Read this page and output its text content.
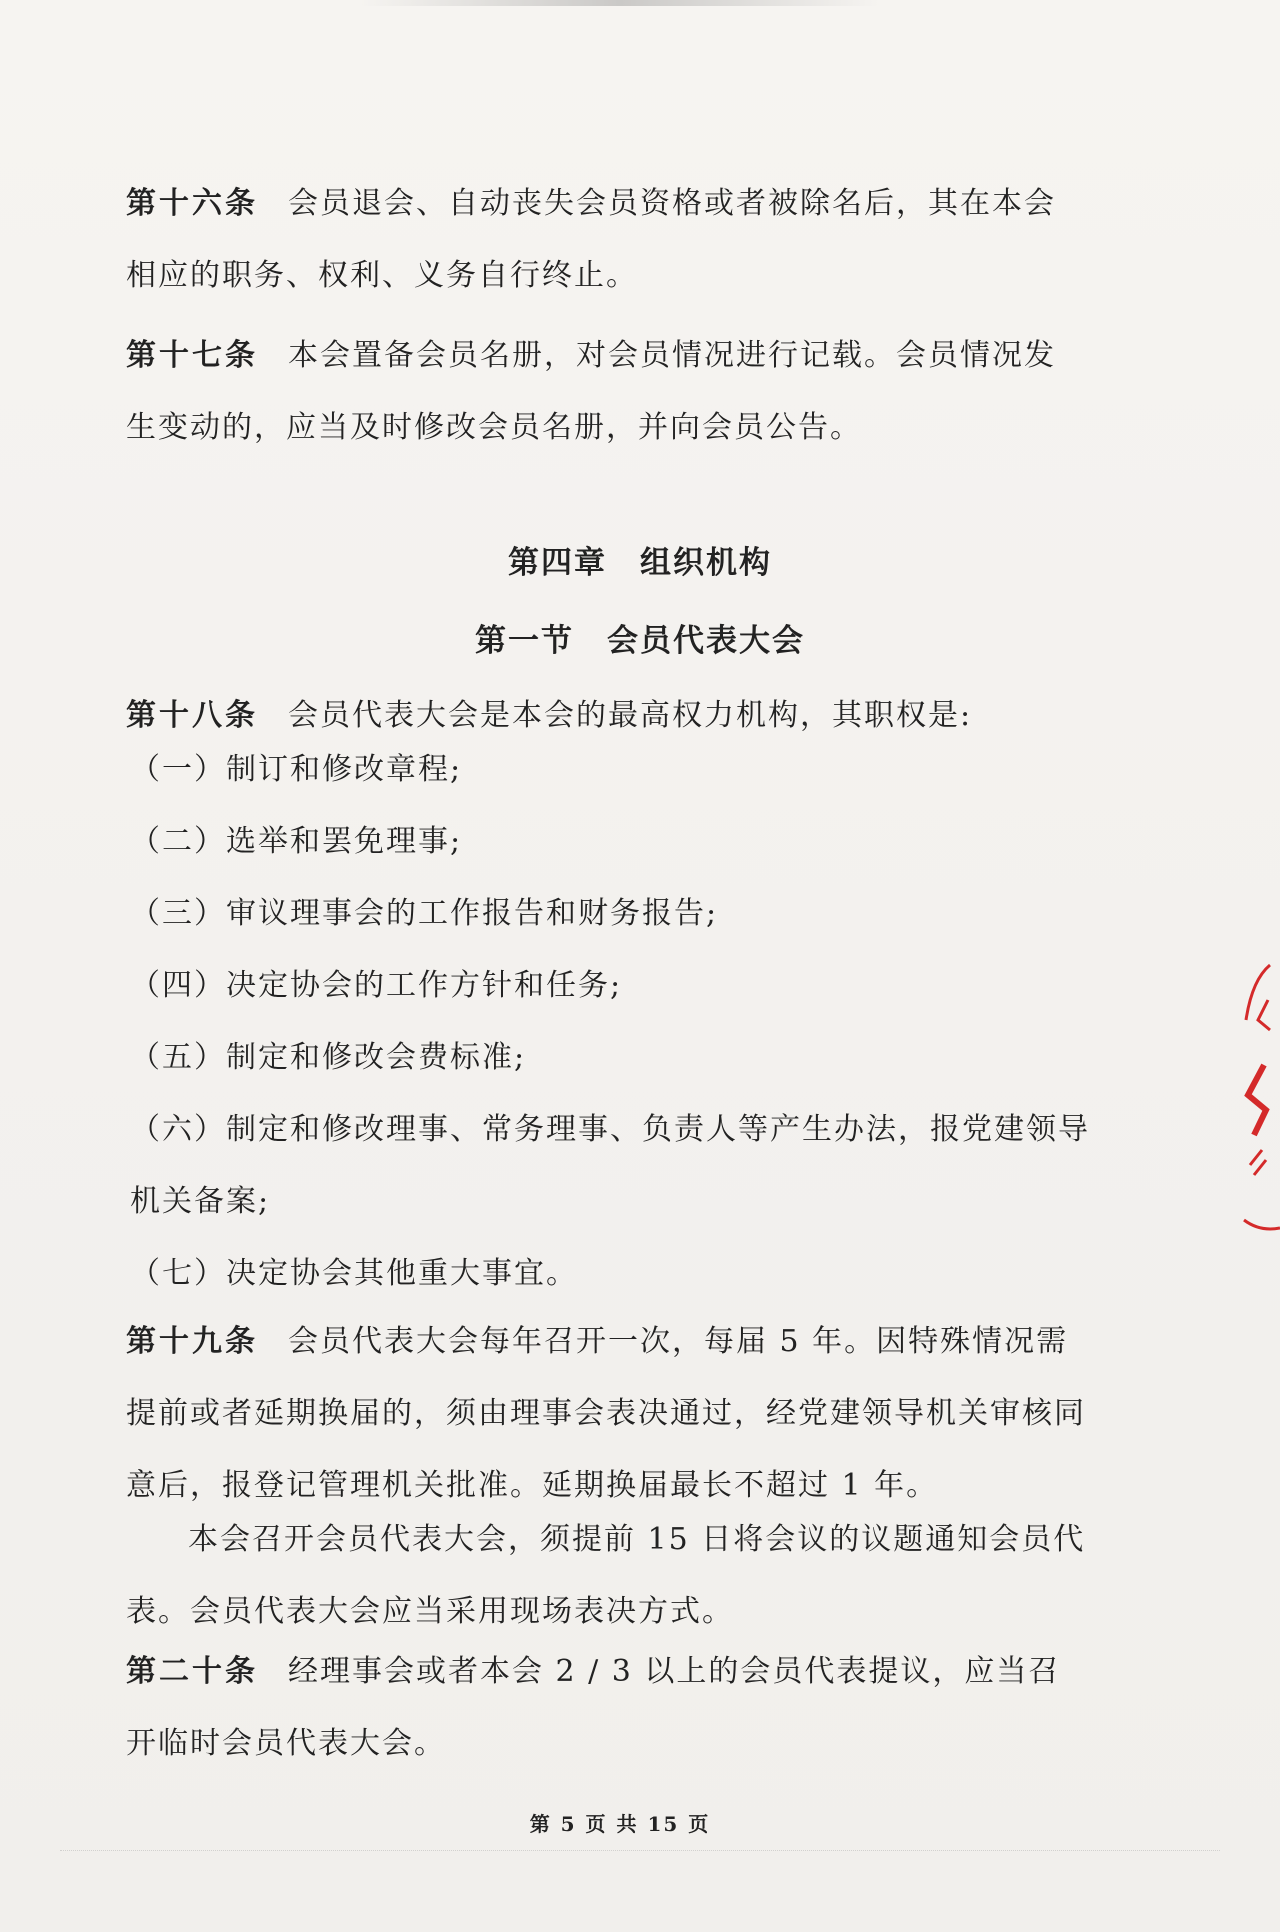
第十六条 会员退会、自动丧失会员资格或者被除名后，其在本会相应的职务、权利、义务自行终止。

第十七条 本会置备会员名册，对会员情况进行记载。会员情况发生变动的，应当及时修改会员名册，并向会员公告。

第四章　组织机构
第一节　会员代表大会

第十八条 会员代表大会是本会的最高权力机构，其职权是:

（一）制订和修改章程;

（二）选举和罢免理事;

（三）审议理事会的工作报告和财务报告;

（四）决定协会的工作方针和任务;

（五）制定和修改会费标准;

（六）制定和修改理事、常务理事、负责人等产生办法，报党建领导

机关备案;

（七）决定协会其他重大事宜。

第十九条 会员代表大会每年召开一次，每届 5 年。因特殊情况需提前或者延期换届的，须由理事会表决通过，经党建领导机关审核同意后，报登记管理机关批准。延期换届最长不超过 1 年。

本会召开会员代表大会，须提前 15 日将会议的议题通知会员代表。会员代表大会应当采用现场表决方式。

第二十条 经理事会或者本会 2 / 3 以上的会员代表提议，应当召开临时会员代表大会。

第 5 页 共 15 页
